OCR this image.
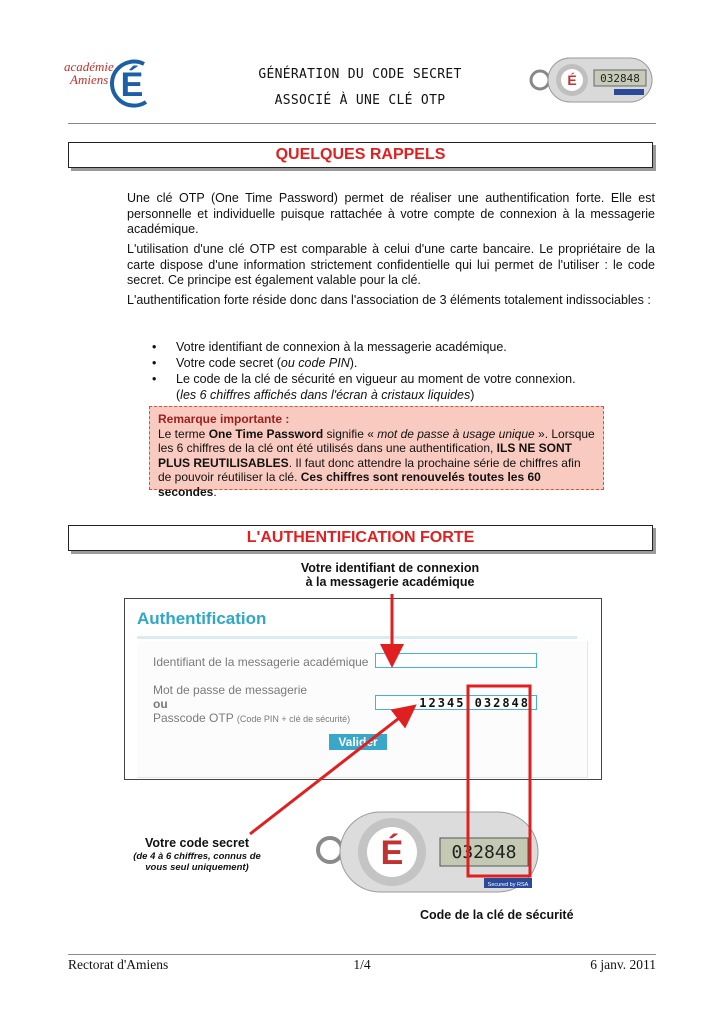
académie
Amiens É	GÉNÉRATION DU CODE SECRET
ASSOCIÉ À UNE CLÉ OTP
É 032848
QUELQUES RAPPELS
Une clé OTP (One Time Password) permet de réaliser une authentification forte. Elle est personnelle et individuelle puisque rattachée à votre compte de connexion à la messagerie académique.
L'utilisation d'une clé OTP est comparable à celui d'une carte bancaire. Le propriétaire de la carte dispose d'une information strictement confidentielle qui lui permet de l'utiliser : le code secret. Ce principe est également valable pour la clé.
L'authentification forte réside donc dans l'association de 3 éléments totalement indissociables :
• Votre identifiant de connexion à la messagerie académique.
• Votre code secret (ou code PIN).
• Le code de la clé de sécurité en vigueur au moment de votre connexion.
(les 6 chiffres affichés dans l'écran à cristaux liquides)
Remarque importante :
Le terme One Time Password signifie « mot de passe à usage unique ». Lorsque les 6 chiffres de la clé ont été utilisés dans une authentification, ILS NE SONT PLUS REUTILISABLES. Il faut donc attendre la prochaine série de chiffres afin de pouvoir réutiliser la clé. Ces chiffres sont renouvelés toutes les 60 secondes.
L'AUTHENTIFICATION FORTE
Votre identifiant de connexion
à la messagerie académique
Authentification
Identifiant de la messagerie académique
Mot de passe de messagerie
ou
Passcode OTP (Code PIN + clé de sécurité)
12345 032848
Valider
É	032848
Secured by RSA
Votre code secret
(de 4 à 6 chiffres, connus de
vous seul uniquement)
Code de la clé de sécurité
Rectorat d'Amiens	1/4	6 janv. 2011
